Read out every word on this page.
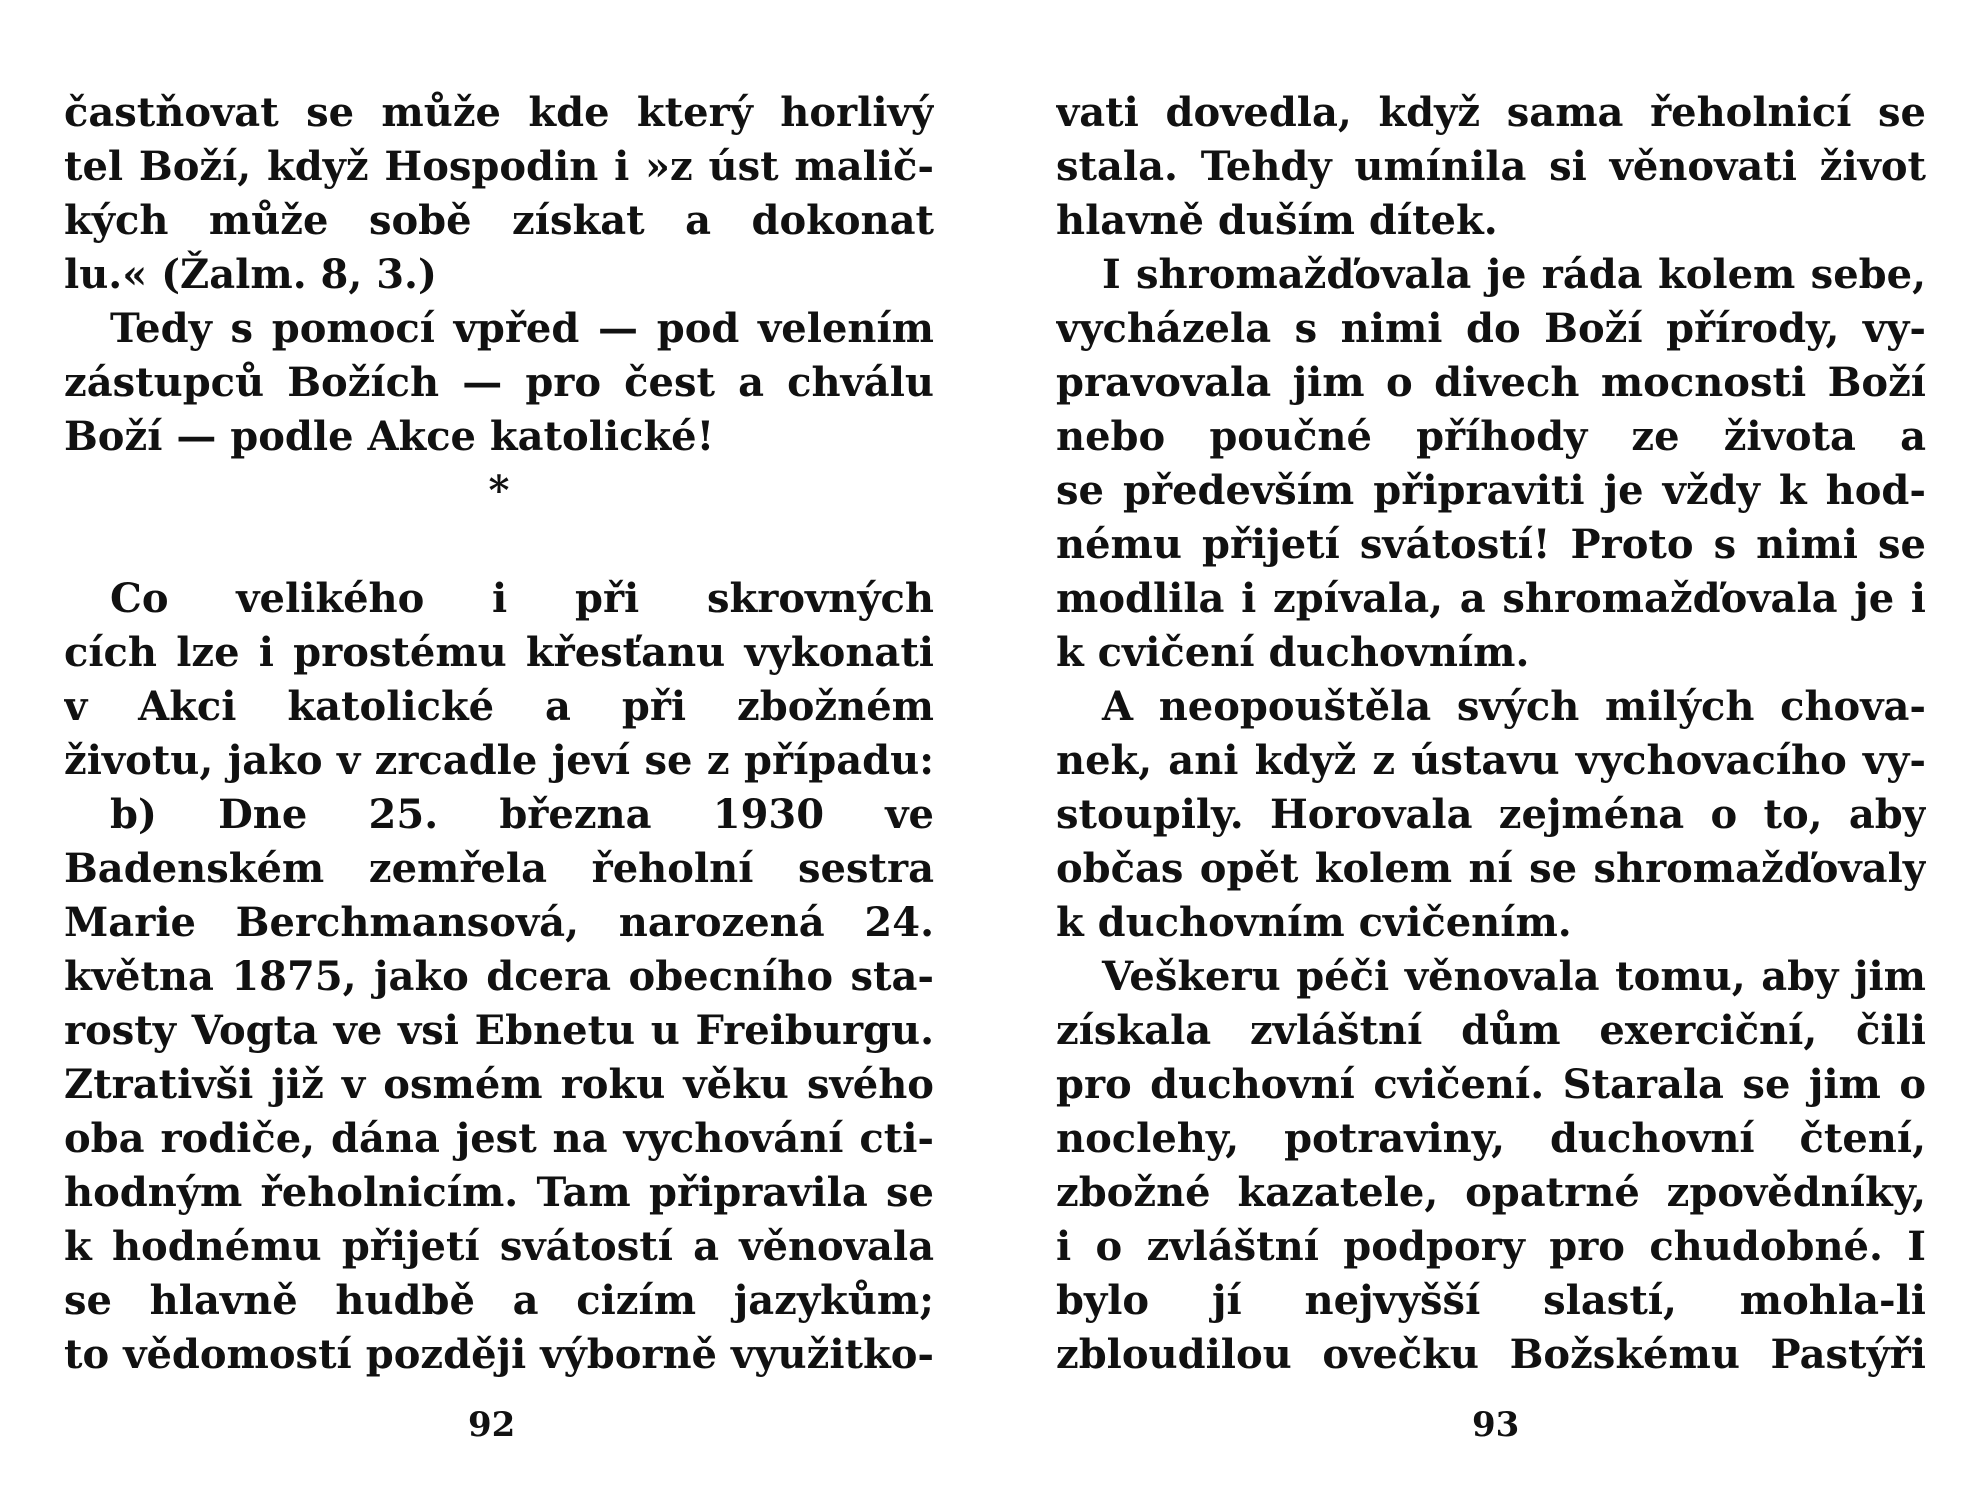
častňovat se může kde který horlivý
tel Boží, když Hospodin i »z úst malič-
kých může sobě získat a dokonat
lu.« (Žalm. 8, 3.)
Tedy s pomocí vpřed — pod velením
zástupců Božích — pro čest a chválu
Boží — podle Akce katolické!
*
Co velikého i při skrovných
cích lze i prostému křesťanu vykonati
v Akci katolické a při zbožném
životu, jako v zrcadle jeví se z případu:
b) Dne 25. března 1930 ve
Badenském zemřela řeholní sestra
Marie Berchmansová, narozená 24.
května 1875, jako dcera obecního sta-
rosty Vogta ve vsi Ebnetu u Freiburgu.
Ztrativši již v osmém roku věku svého
oba rodiče, dána jest na vychování cti-
hodným řeholnicím. Tam připravila se
k hodnému přijetí svátostí a věnovala
se hlavně hudbě a cizím jazykům;
to vědomostí později výborně využitko-
vati dovedla, když sama řeholnicí se
stala. Tehdy umínila si věnovati život
hlavně duším dítek.
I shromažďovala je ráda kolem sebe,
vycházela s nimi do Boží přírody, vy-
pravovala jim o divech mocnosti Boží
nebo poučné příhody ze života a
se především připraviti je vždy k hod-
nému přijetí svátostí! Proto s nimi se
modlila i zpívala, a shromažďovala je i
k cvičení duchovním.
A neopouštěla svých milých chova-
nek, ani když z ústavu vychovacího vy-
stoupily. Horovala zejména o to, aby
občas opět kolem ní se shromažďovaly
k duchovním cvičením.
Veškeru péči věnovala tomu, aby jim
získala zvláštní dům exerciční, čili
pro duchovní cvičení. Starala se jim o
noclehy, potraviny, duchovní čtení,
zbožné kazatele, opatrné zpovědníky,
i o zvláštní podpory pro chudobné. I
bylo jí nejvyšší slastí, mohla-li
zbloudilou ovečku Božskému Pastýři
92	93
